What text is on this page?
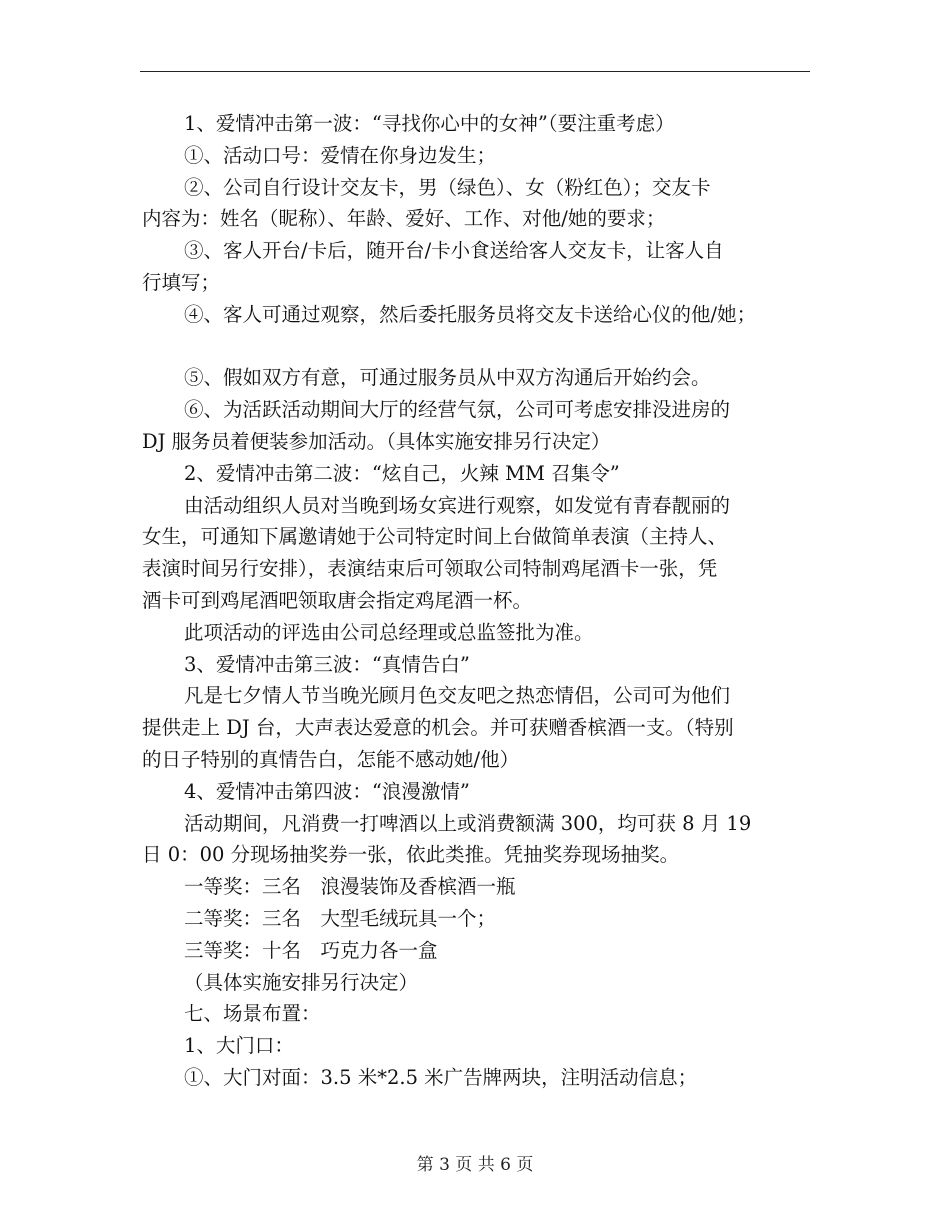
1、爱情冲击第一波：“寻找你心中的女神”（要注重考虑）
①、活动口号：爱情在你身边发生；
②、公司自行设计交友卡，男（绿色）、女（粉红色）；交友卡
内容为：姓名（昵称）、年龄、爱好、工作、对他/她的要求；
③、客人开台/卡后，随开台/卡小食送给客人交友卡，让客人自
行填写；
④、客人可通过观察，然后委托服务员将交友卡送给心仪的他/她；
⑤、假如双方有意，可通过服务员从中双方沟通后开始约会。
⑥、为活跃活动期间大厅的经营气氛，公司可考虑安排没进房的
DJ 服务员着便装参加活动。（具体实施安排另行决定）
2、爱情冲击第二波：“炫自己，火辣 MM 召集令”
由活动组织人员对当晚到场女宾进行观察，如发觉有青春靓丽的
女生，可通知下属邀请她于公司特定时间上台做简单表演（主持人、
表演时间另行安排），表演结束后可领取公司特制鸡尾酒卡一张，凭
酒卡可到鸡尾酒吧领取唐会指定鸡尾酒一杯。
此项活动的评选由公司总经理或总监签批为准。
3、爱情冲击第三波：“真情告白”
凡是七夕情人节当晚光顾月色交友吧之热恋情侣，公司可为他们
提供走上 DJ 台，大声表达爱意的机会。并可获赠香槟酒一支。（特别
的日子特别的真情告白，怎能不感动她/他）
4、爱情冲击第四波：“浪漫激情”
活动期间，凡消费一打啤酒以上或消费额满 300，均可获 8 月 19
日 0：00 分现场抽奖券一张，依此类推。凭抽奖券现场抽奖。
一等奖：三名　浪漫装饰及香槟酒一瓶
二等奖：三名　大型毛绒玩具一个；
三等奖：十名　巧克力各一盒
（具体实施安排另行决定）
七、场景布置：
1、大门口：
①、大门对面：3.5 米*2.5 米广告牌两块，注明活动信息；
第 3 页 共 6 页
